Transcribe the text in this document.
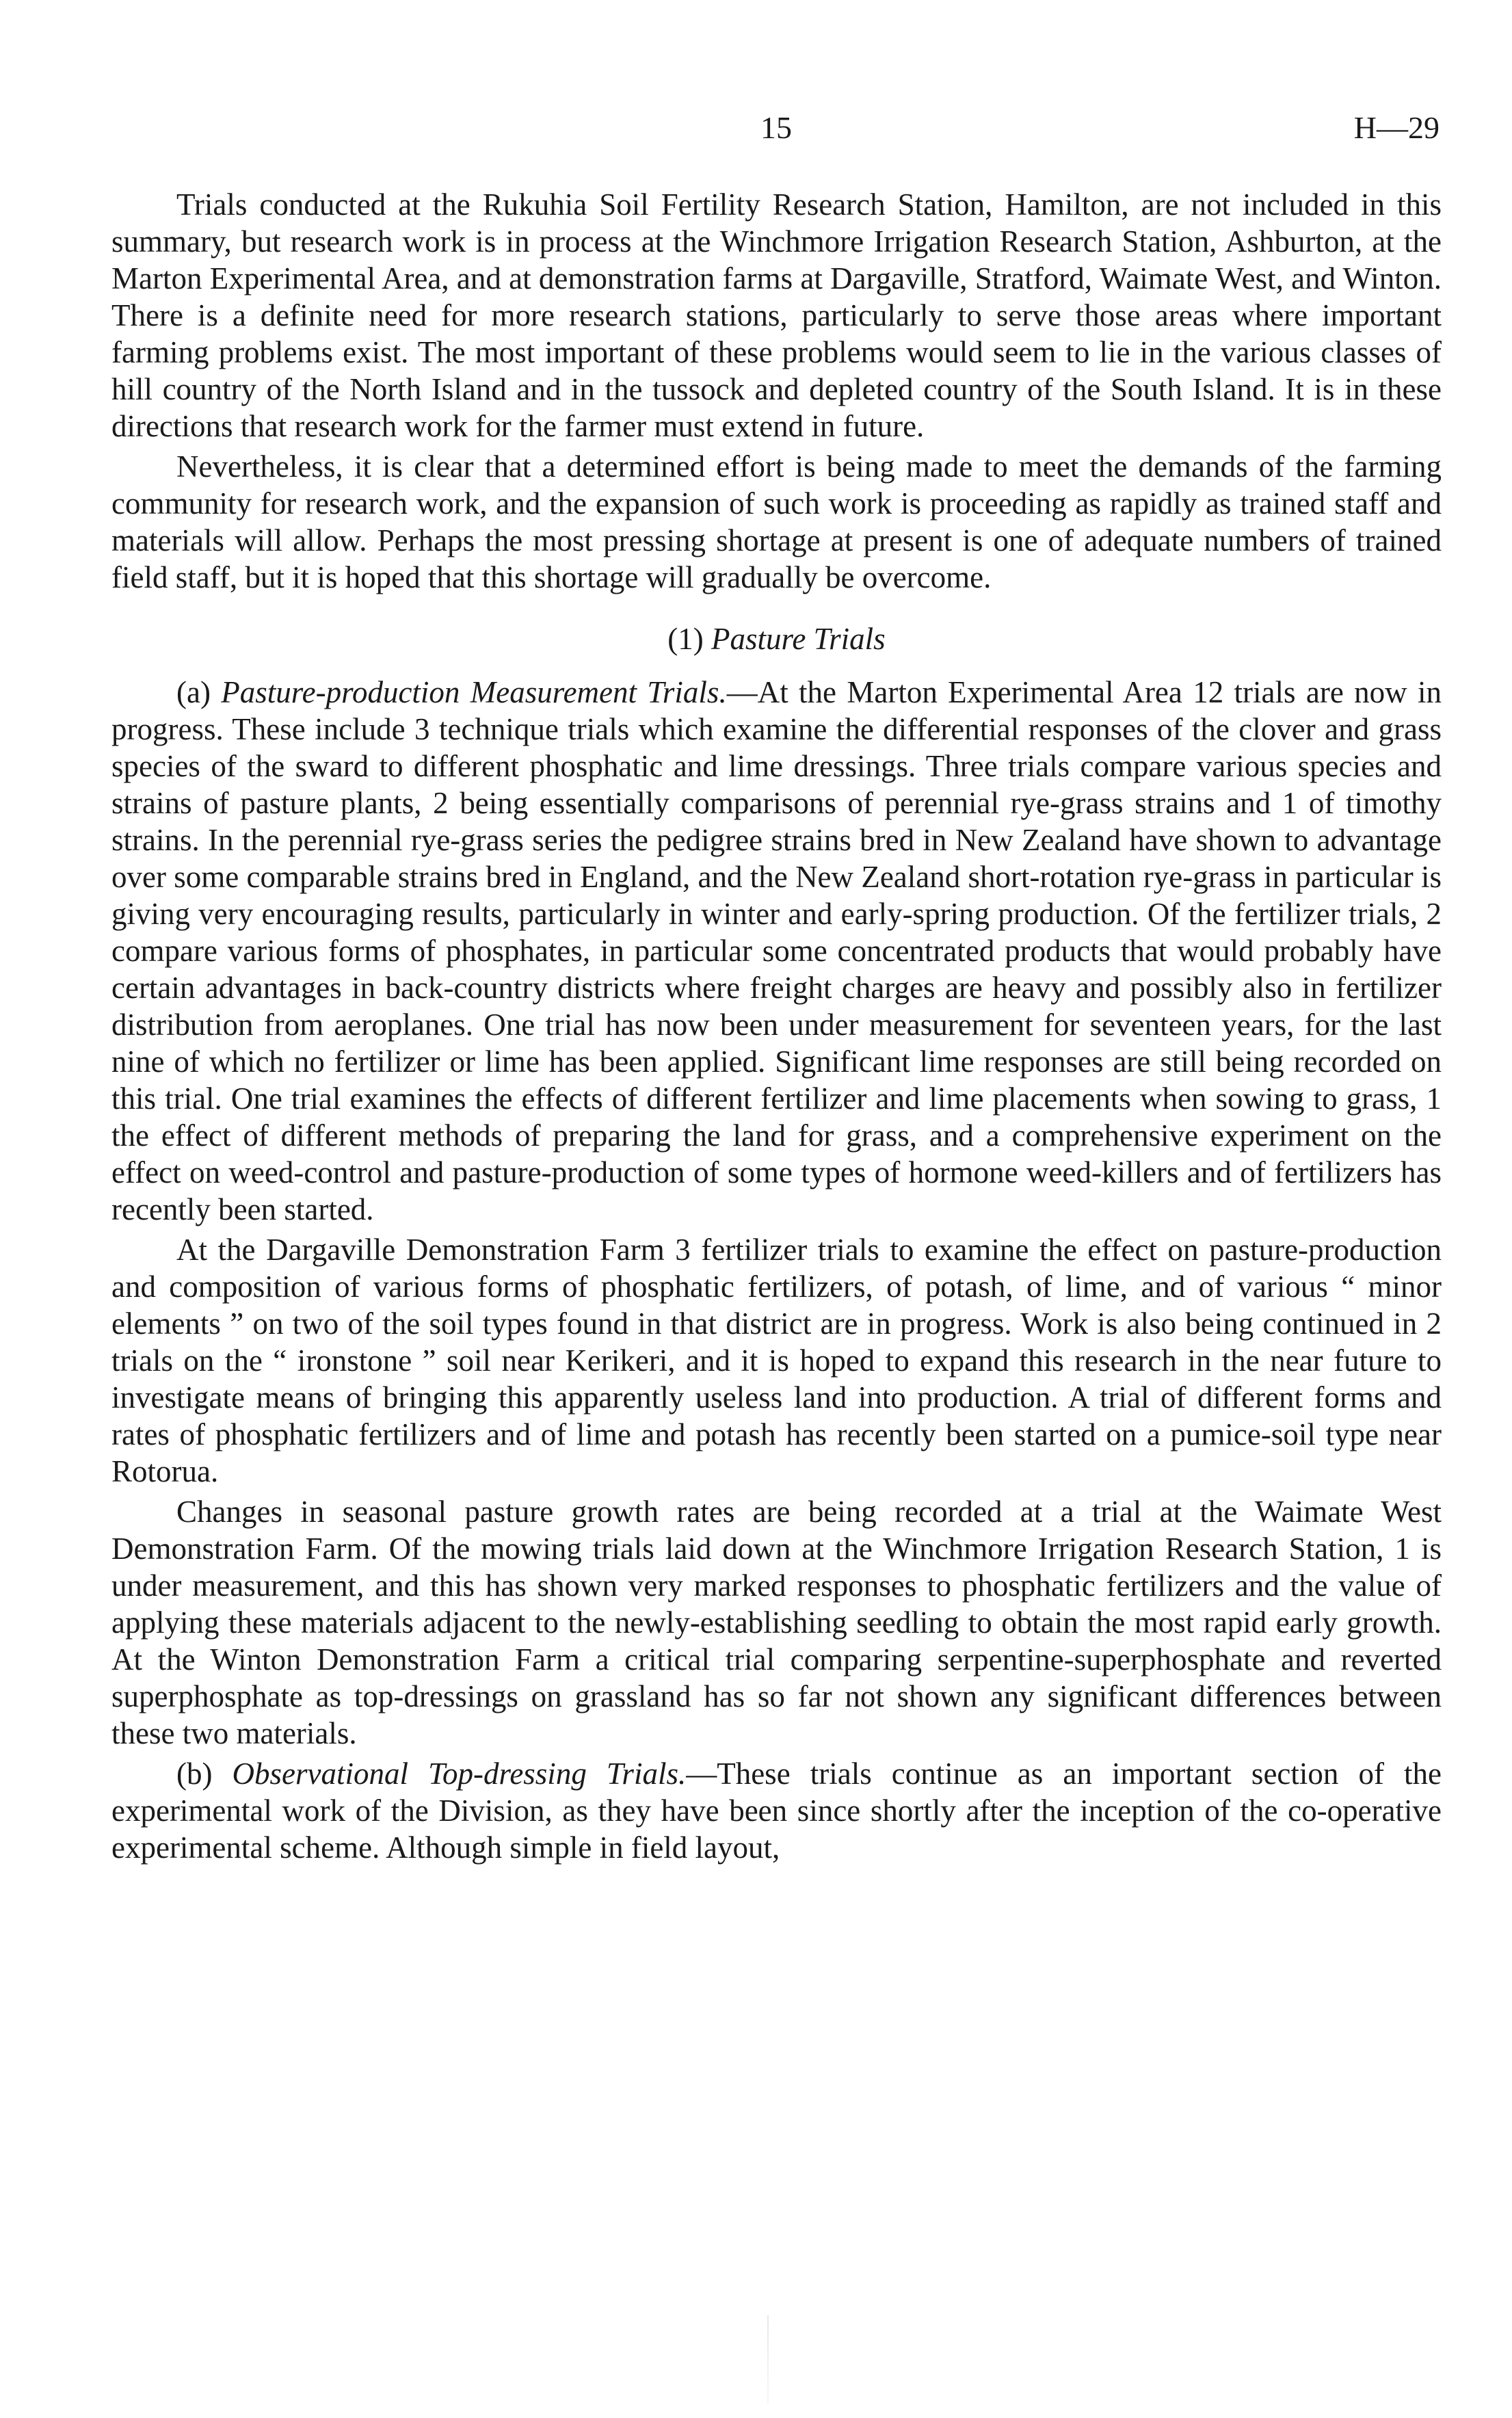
15	H—29

Trials conducted at the Rukuhia Soil Fertility Research Station, Hamilton, are not included in this summary, but research work is in process at the Winchmore Irrigation Research Station, Ashburton, at the Marton Experimental Area, and at demonstration farms at Dargaville, Stratford, Waimate West, and Winton. There is a definite need for more research stations, particularly to serve those areas where important farming problems exist. The most important of these problems would seem to lie in the various classes of hill country of the North Island and in the tussock and depleted country of the South Island. It is in these directions that research work for the farmer must extend in future.

Nevertheless, it is clear that a determined effort is being made to meet the demands of the farming community for research work, and the expansion of such work is proceeding as rapidly as trained staff and materials will allow. Perhaps the most pressing shortage at present is one of adequate numbers of trained field staff, but it is hoped that this shortage will gradually be overcome.

(1) Pasture Trials

(a) Pasture-production Measurement Trials.—At the Marton Experimental Area 12 trials are now in progress. These include 3 technique trials which examine the differential responses of the clover and grass species of the sward to different phosphatic and lime dressings. Three trials compare various species and strains of pasture plants, 2 being essentially comparisons of perennial rye-grass strains and 1 of timothy strains. In the perennial rye-grass series the pedigree strains bred in New Zealand have shown to advantage over some comparable strains bred in England, and the New Zealand short-rotation rye-grass in particular is giving very encouraging results, particularly in winter and early-spring production. Of the fertilizer trials, 2 compare various forms of phosphates, in particular some concentrated products that would probably have certain advantages in back-country districts where freight charges are heavy and possibly also in fertilizer distribution from aeroplanes. One trial has now been under measurement for seventeen years, for the last nine of which no fertilizer or lime has been applied. Significant lime responses are still being recorded on this trial. One trial examines the effects of different fertilizer and lime placements when sowing to grass, 1 the effect of different methods of preparing the land for grass, and a comprehensive experiment on the effect on weed-control and pasture-production of some types of hormone weed-killers and of fertilizers has recently been started.

At the Dargaville Demonstration Farm 3 fertilizer trials to examine the effect on pasture-production and composition of various forms of phosphatic fertilizers, of potash, of lime, and of various “ minor elements ” on two of the soil types found in that district are in progress. Work is also being continued in 2 trials on the “ ironstone ” soil near Kerikeri, and it is hoped to expand this research in the near future to investigate means of bringing this apparently useless land into production. A trial of different forms and rates of phosphatic fertilizers and of lime and potash has recently been started on a pumice-soil type near Rotorua.

Changes in seasonal pasture growth rates are being recorded at a trial at the Waimate West Demonstration Farm. Of the mowing trials laid down at the Winchmore Irrigation Research Station, 1 is under measurement, and this has shown very marked responses to phosphatic fertilizers and the value of applying these materials adjacent to the newly-establishing seedling to obtain the most rapid early growth. At the Winton Demonstration Farm a critical trial comparing serpentine-superphosphate and reverted superphosphate as top-dressings on grassland has so far not shown any significant differences between these two materials.

(b) Observational Top-dressing Trials.—These trials continue as an important section of the experimental work of the Division, as they have been since shortly after the inception of the co-operative experimental scheme. Although simple in field layout,
